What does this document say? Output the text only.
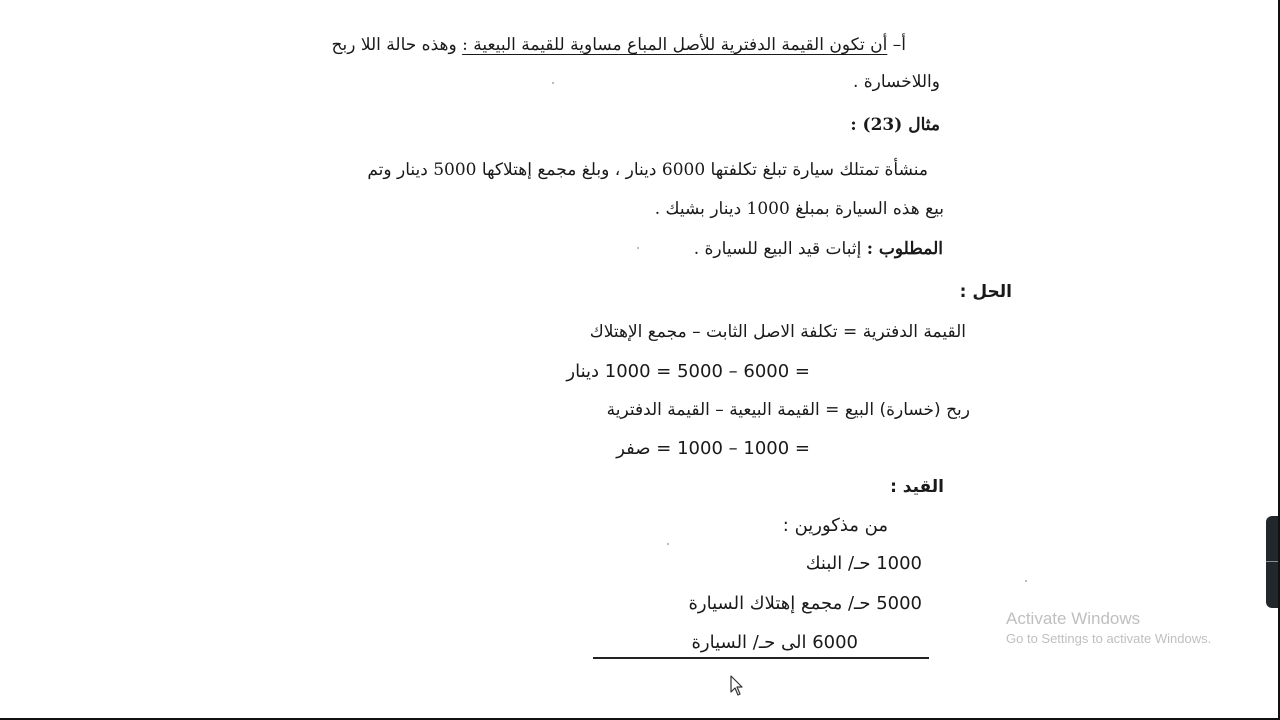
أ– أن تكون القيمة الدفترية للأصل المباع مساوية للقيمة البيعية : وهذه حالة اللا ربح
واللاخسارة .
مثال (23) :
منشأة تمتلك سيارة تبلغ تكلفتها 6000 دينار ، وبلغ مجمع إهتلاكها 5000 دينار وتم
بيع هذه السيارة بمبلغ 1000 دينار بشيك .
المطلوب : إثبات قيد البيع للسيارة .
الحل :
القيمة الدفترية = تكلفة الاصل الثابت – مجمع الإهتلاك
= 6000 – 5000 = 1000 دينار
ربح (خسارة) البيع = القيمة البيعية – القيمة الدفترية
= 1000 – 1000 = صفر
القيد :
من مذكورين :
1000 حـ/ البنك
5000 حـ/ مجمع إهتلاك السيارة
6000 الى حـ/ السيارة
Activate Windows
Go to Settings to activate Windows.
